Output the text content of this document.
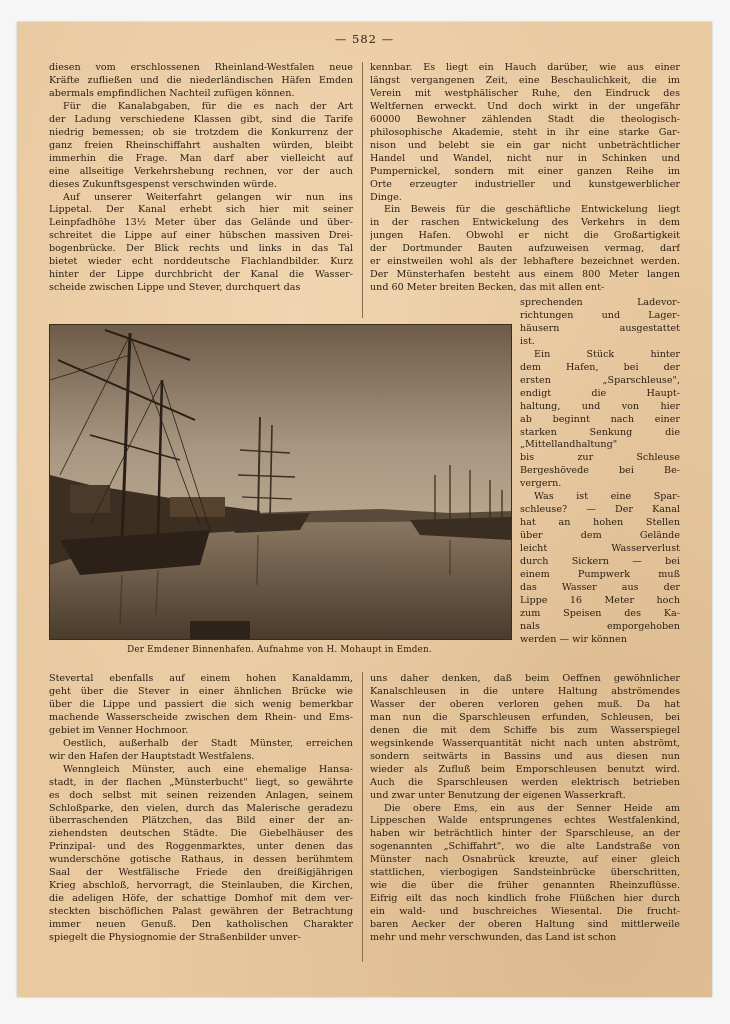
— 582 —
diesen vom erschlossenen Rheinland-Westfalen neue
Kräfte zufließen und die niederländischen Häfen Emden
abermals empfindlichen Nachteil zufügen können.
Für die Kanalabgaben, für die es nach der Art
der Ladung verschiedene Klassen gibt, sind die Tarife
niedrig bemessen; ob sie trotzdem die Konkurrenz der
ganz freien Rheinschiffahrt aushalten würden, bleibt
immerhin die Frage. Man darf aber vielleicht auf
eine allseitige Verkehrshebung rechnen, vor der auch
dieses Zukunftsgespenst verschwinden würde.
Auf unserer Weiterfahrt gelangen wir nun ins
Lippetal. Der Kanal erhebt sich hier mit seiner
Leinpfadhöhe 13½ Meter über das Gelände und über-
schreitet die Lippe auf einer hübschen massiven Drei-
bogenbrücke. Der Blick rechts und links in das Tal
bietet wieder echt norddeutsche Flachlandbilder. Kurz
hinter der Lippe durchbricht der Kanal die Wasser-
scheide zwischen Lippe und Stever, durchquert das
kennbar. Es liegt ein Hauch darüber, wie aus einer
längst vergangenen Zeit, eine Beschaulichkeit, die im
Verein mit westphälischer Ruhe, den Eindruck des
Weltfernen erweckt. Und doch wirkt in der ungefähr
60000 Bewohner zählenden Stadt die theologisch-
philosophische Akademie, steht in ihr eine starke Gar-
nison und belebt sie ein gar nicht unbeträchtlicher
Handel und Wandel, nicht nur in Schinken und
Pumpernickel, sondern mit einer ganzen Reihe im
Orte erzeugter industrieller und kunstgewerblicher
Dinge.
Ein Beweis für die geschäftliche Entwickelung liegt
in der raschen Entwickelung des Verkehrs in dem
jungen Hafen. Obwohl er nicht die Großartigkeit
der Dortmunder Bauten aufzuweisen vermag, darf
er einstweilen wohl als der lebhaftere bezeichnet werden.
Der Münsterhafen besteht aus einem 800 Meter langen
und 60 Meter breiten Becken, das mit allen ent-
sprechenden Ladevor-
richtungen und Lager-
häusern ausgestattet
ist.
Ein Stück hinter
dem Hafen, bei der
ersten „Sparschleuse",
endigt die Haupt-
haltung, und von hier
ab beginnt nach einer
starken Senkung die
„Mittellandhaltung"
bis zur Schleuse
Bergeshövede bei Be-
vergern.
Was ist eine Spar-
schleuse? — Der Kanal
hat an hohen Stellen
über dem Gelände
leicht Wasserverlust
durch Sickern — bei
einem Pumpwerk muß
das Wasser aus der
Lippe 16 Meter hoch
zum Speisen des Ka-
nals emporgehoben
werden — wir können
Der Emdener Binnenhafen. Aufnahme von H. Mohaupt in Emden.
Stevertal ebenfalls auf einem hohen Kanaldamm,
geht über die Stever in einer ähnlichen Brücke wie
über die Lippe und passiert die sich wenig bemerkbar
machende Wasserscheide zwischen dem Rhein- und Ems-
gebiet im Venner Hochmoor.
Oestlich, außerhalb der Stadt Münster, erreichen
wir den Hafen der Hauptstadt Westfalens.
Wenngleich Münster, auch eine ehemalige Hansa-
stadt, in der flachen „Münsterbucht" liegt, so gewährte
es doch selbst mit seinen reizenden Anlagen, seinem
Schloßparke, den vielen, durch das Malerische geradezu
überraschenden Plätzchen, das Bild einer der an-
ziehendsten deutschen Städte. Die Giebelhäuser des
Prinzipal- und des Roggenmarktes, unter denen das
wunderschöne gotische Rathaus, in dessen berühmtem
Saal der Westfälische Friede den dreißigjährigen
Krieg abschloß, hervorragt, die Steinlauben, die Kirchen,
die adeligen Höfe, der schattige Domhof mit dem ver-
steckten bischöflichen Palast gewähren der Betrachtung
immer neuen Genuß. Den katholischen Charakter
spiegelt die Physiognomie der Straßenbilder unver-
uns daher denken, daß beim Oeffnen gewöhnlicher
Kanalschleusen in die untere Haltung abströmendes
Wasser der oberen verloren gehen muß. Da hat
man nun die Sparschleusen erfunden, Schleusen, bei
denen die mit dem Schiffe bis zum Wasserspiegel
wegsinkende Wasserquantität nicht nach unten abströmt,
sondern seitwärts in Bassins und aus diesen nun
wieder als Zufluß beim Emporschleusen benutzt wird.
Auch die Sparschleusen werden elektrisch betrieben
und zwar unter Benutzung der eigenen Wasserkraft.
Die obere Ems, ein aus der Senner Heide am
Lippeschen Walde entsprungenes echtes Westfalenkind,
haben wir beträchtlich hinter der Sparschleuse, an der
sogenannten „Schiffahrt", wo die alte Landstraße von
Münster nach Osnabrück kreuzte, auf einer gleich
stattlichen, vierbogigen Sandsteinbrücke überschritten,
wie die über die früher genannten Rheinzuflüsse.
Eifrig eilt das noch kindlich frohe Flüßchen hier durch
ein wald- und buschreiches Wiesental. Die frucht-
baren Aecker der oberen Haltung sind mittlerweile
mehr und mehr verschwunden, das Land ist schon
